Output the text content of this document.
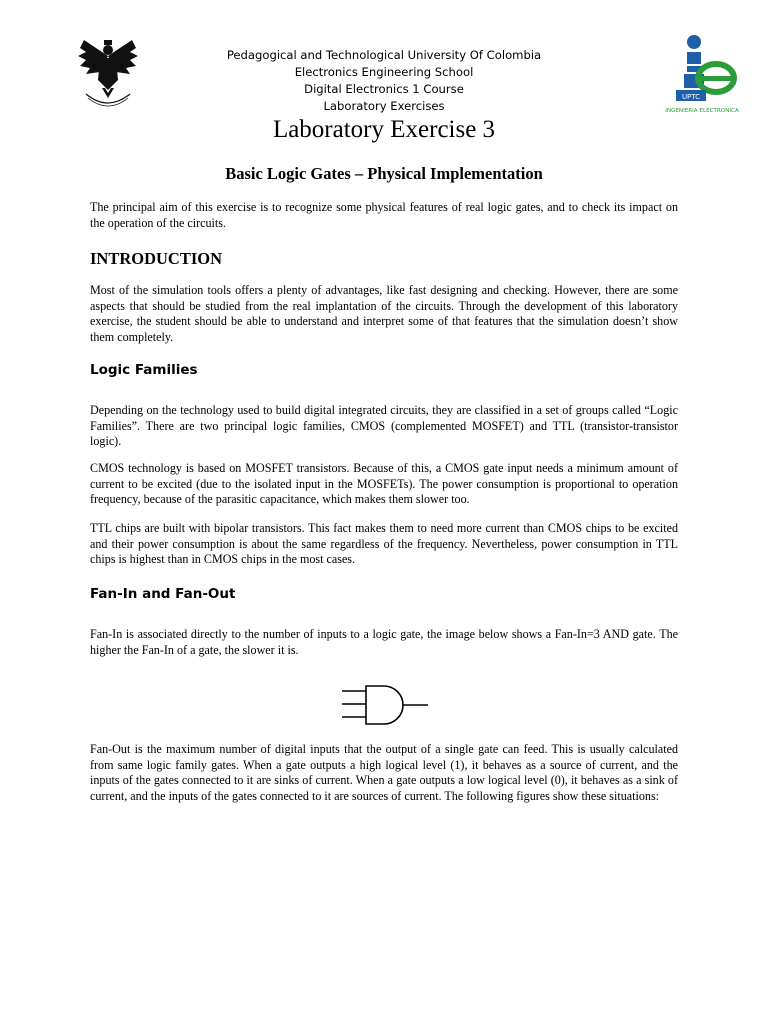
Pedagogical and Technological University Of Colombia
Electronics Engineering School
Digital Electronics 1 Course
Laboratory Exercises
UPTC
INGENIERIA ELECTRONICA
Laboratory Exercise 3
Basic Logic Gates – Physical Implementation

The principal aim of this exercise is to recognize some physical features of real logic gates, and to check its impact on the operation of the circuits.

INTRODUCTION

Most of the simulation tools offers a plenty of advantages, like fast designing and checking. However, there are some aspects that should be studied from the real implantation of the circuits. Through the development of this laboratory exercise, the student should be able to understand and interpret some of that features that the simulation doesn’t show them completely.

Logic Families

Depending on the technology used to build digital integrated circuits, they are classified in a set of groups called “Logic Families”. There are two principal logic families, CMOS (complemented MOSFET) and TTL (transistor-transistor logic).

CMOS technology is based on MOSFET transistors. Because of this, a CMOS gate input needs a minimum amount of current to be excited (due to the isolated input in the MOSFETs). The power consumption is proportional to operation frequency, because of the parasitic capacitance, which makes them slower too.

TTL chips are built with bipolar transistors. This fact makes them to need more current than CMOS chips to be excited and their power consumption is about the same regardless of the frequency. Nevertheless, power consumption in TTL chips is highest than in CMOS chips in the most cases.

Fan-In and Fan-Out

Fan-In is associated directly to the number of inputs to a logic gate, the image below shows a Fan-In=3 AND gate. The higher the Fan-In of a gate, the slower it is.

Fan-Out is the maximum number of digital inputs that the output of a single gate can feed. This is usually calculated from same logic family gates. When a gate outputs a high logical level (1), it behaves as a source of current, and the inputs of the gates connected to it are sinks of current. When a gate outputs a low logical level (0), it behaves as a sink of current, and the inputs of the gates connected to it are sources of current. The following figures show these situations:
